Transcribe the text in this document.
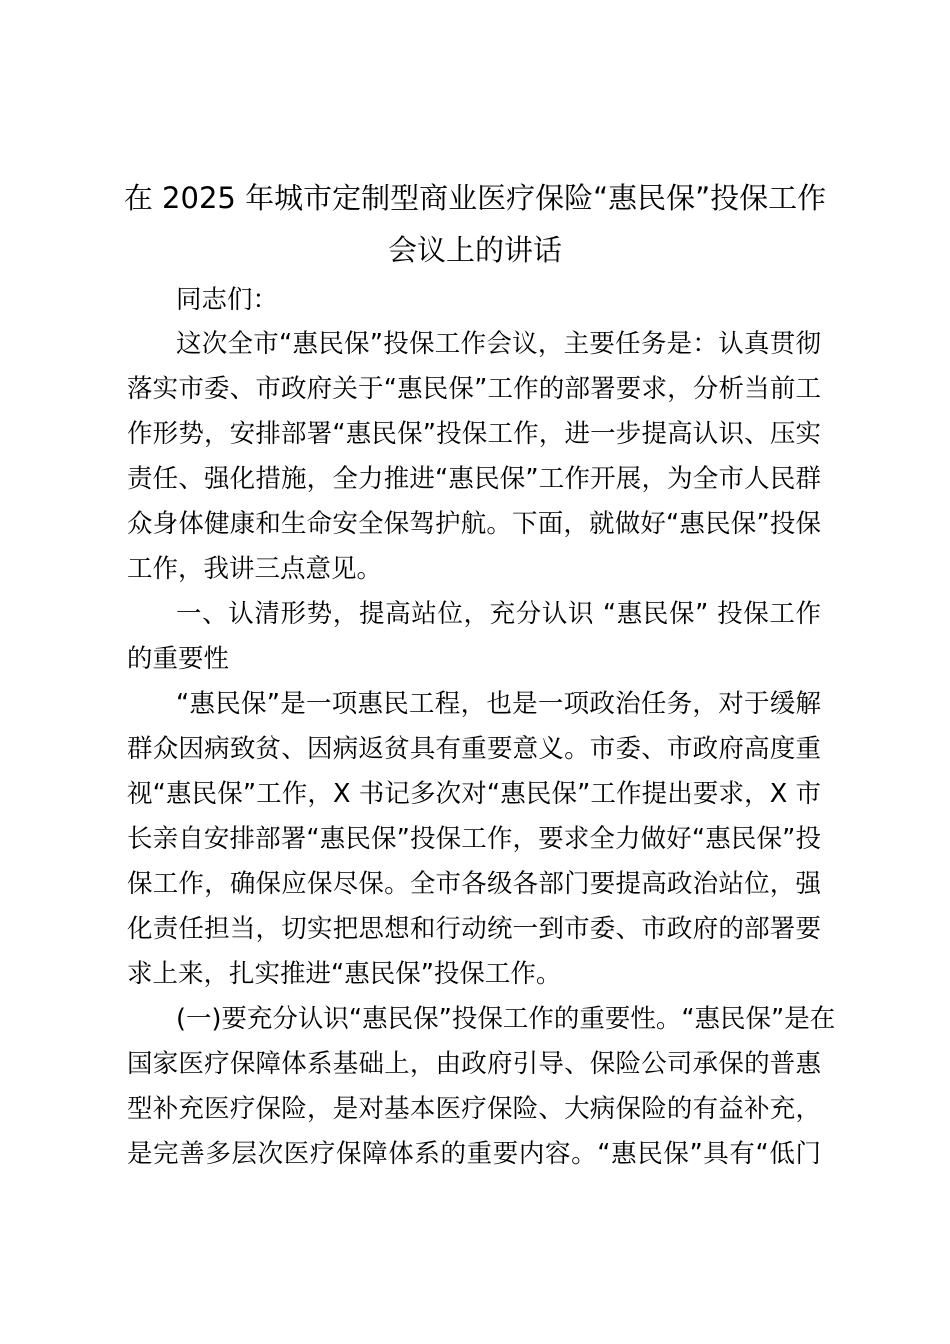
在 2025 年城市定制型商业医疗保险“惠民保”投保工作
会议上的讲话
同志们：
这次全市“惠民保”投保工作会议，主要任务是：认真贯彻
落实市委、市政府关于“惠民保”工作的部署要求，分析当前工
作形势，安排部署“惠民保”投保工作，进一步提高认识、压实
责任、强化措施，全力推进“惠民保”工作开展，为全市人民群
众身体健康和生命安全保驾护航。下面，就做好“惠民保”投保
工作，我讲三点意见。
一、认清形势，提高站位，充分认识 “惠民保” 投保工作
的重要性
“惠民保”是一项惠民工程，也是一项政治任务，对于缓解
群众因病致贫、因病返贫具有重要意义。市委、市政府高度重
视“惠民保”工作，X 书记多次对“惠民保”工作提出要求，X 市
长亲自安排部署“惠民保”投保工作，要求全力做好“惠民保”投
保工作，确保应保尽保。全市各级各部门要提高政治站位，强
化责任担当，切实把思想和行动统一到市委、市政府的部署要
求上来，扎实推进“惠民保”投保工作。
(一)要充分认识“惠民保”投保工作的重要性。“惠民保”是在
国家医疗保障体系基础上，由政府引导、保险公司承保的普惠
型补充医疗保险，是对基本医疗保险、大病保险的有益补充，
是完善多层次医疗保障体系的重要内容。“惠民保”具有“低门
